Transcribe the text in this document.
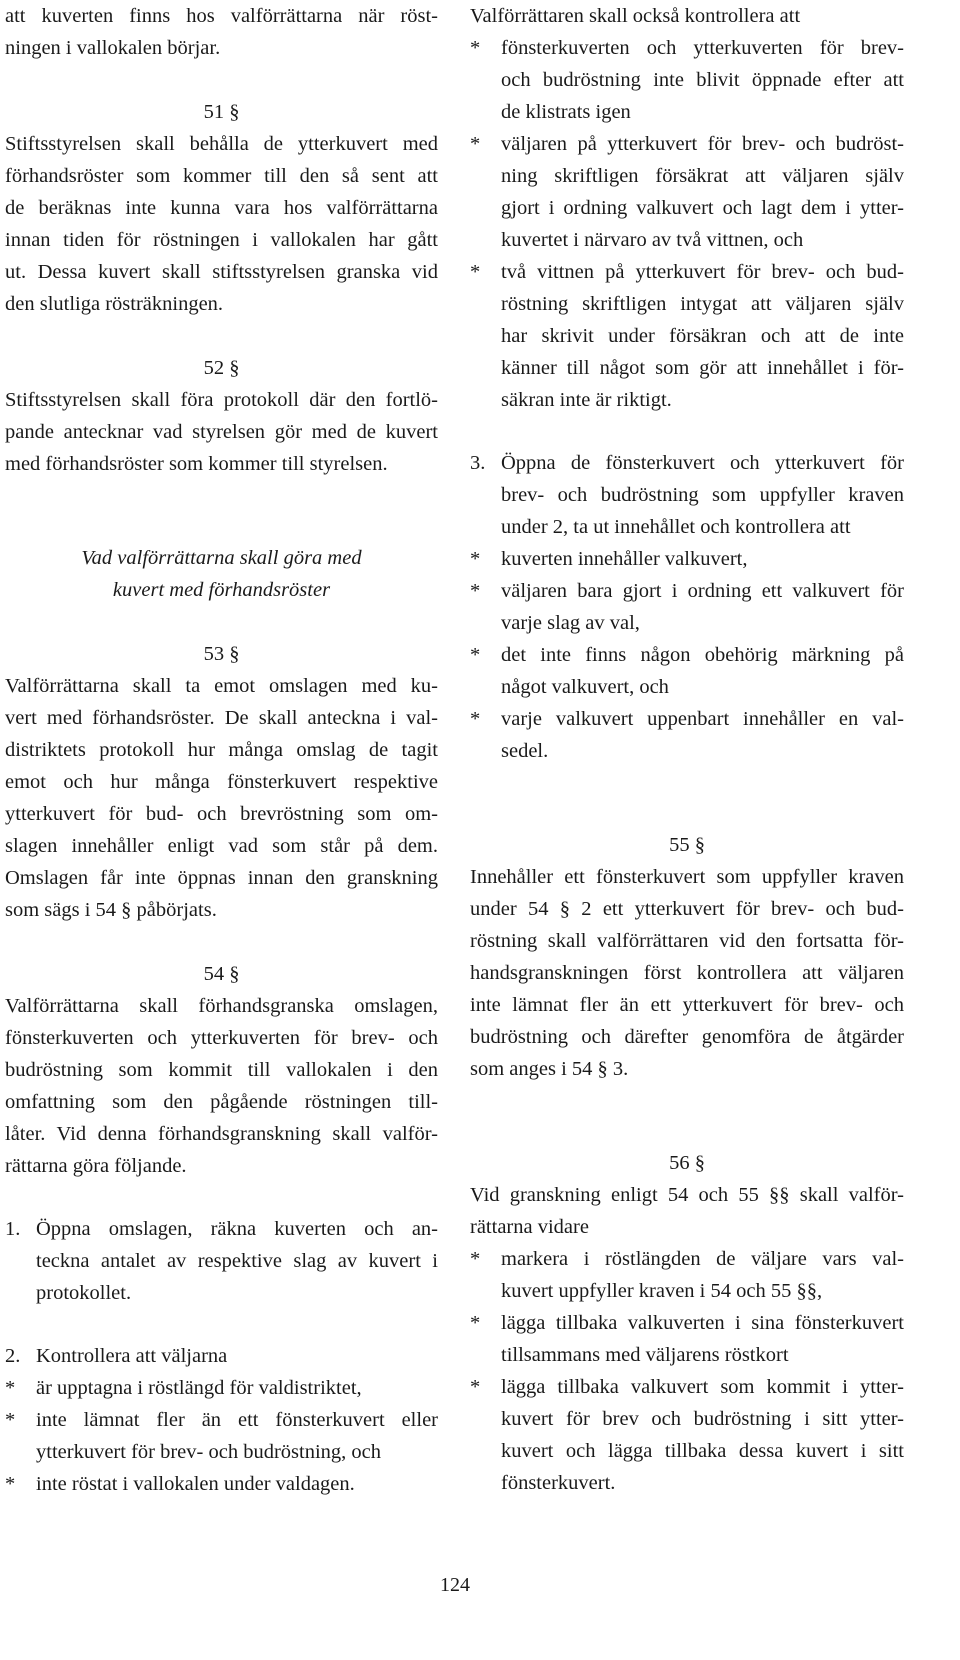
att kuverten finns hos valförrättarna när röst-

ningen i vallokalen börjar.

51 §

Stiftsstyrelsen skall behålla de ytterkuvert med

förhandsröster som kommer till den så sent att

de beräknas inte kunna vara hos valförrättarna

innan tiden för röstningen i vallokalen har gått

ut. Dessa kuvert skall stiftsstyrelsen granska vid

den slutliga rösträkningen.

52 §

Stiftsstyrelsen skall föra protokoll där den fortlö-

pande antecknar vad styrelsen gör med de kuvert

med förhandsröster som kommer till styrelsen.

Vad valförrättarna skall göra med

kuvert med förhandsröster

53 §

Valförrättarna skall ta emot omslagen med ku-

vert med förhandsröster. De skall anteckna i val-

distriktets protokoll hur många omslag de tagit

emot och hur många fönsterkuvert respektive

ytterkuvert för bud- och brevröstning som om-

slagen innehåller enligt vad som står på dem.

Omslagen får inte öppnas innan den granskning

som sägs i 54 § påbörjats.

54 §

Valförrättarna skall förhandsgranska omslagen,

fönsterkuverten och ytterkuverten för brev- och

budröstning som kommit till vallokalen i den

omfattning som den pågående röstningen till-

låter. Vid denna förhandsgranskning skall valför-

rättarna göra följande.

1. Öppna omslagen, räkna kuverten och an-

teckna antalet av respektive slag av kuvert i

protokollet.

2. Kontrollera att väljarna

* är upptagna i röstlängd för valdistriktet,

* inte lämnat fler än ett fönsterkuvert eller

ytterkuvert för brev- och budröstning, och

* inte röstat i vallokalen under valdagen.

Valförrättaren skall också kontrollera att

* fönsterkuverten och ytterkuverten för brev-

och budröstning inte blivit öppnade efter att

de klistrats igen

* väljaren på ytterkuvert för brev- och budröst-

ning skriftligen försäkrat att väljaren själv

gjort i ordning valkuvert och lagt dem i ytter-

kuvertet i närvaro av två vittnen, och

* två vittnen på ytterkuvert för brev- och bud-

röstning skriftligen intygat att väljaren själv

har skrivit under försäkran och att de inte

känner till något som gör att innehållet i för-

säkran inte är riktigt.

3. Öppna de fönsterkuvert och ytterkuvert för

brev- och budröstning som uppfyller kraven

under 2, ta ut innehållet och kontrollera att

* kuverten innehåller valkuvert,

* väljaren bara gjort i ordning ett valkuvert för

varje slag av val,

* det inte finns någon obehörig märkning på

något valkuvert, och

* varje valkuvert uppenbart innehåller en val-

sedel.

55 §

Innehåller ett fönsterkuvert som uppfyller kraven

under 54 § 2 ett ytterkuvert för brev- och bud-

röstning skall valförrättaren vid den fortsatta för-

handsgranskningen först kontrollera att väljaren

inte lämnat fler än ett ytterkuvert för brev- och

budröstning och därefter genomföra de åtgärder

som anges i 54 § 3.

56 §

Vid granskning enligt 54 och 55 §§ skall valför-

rättarna vidare

* markera i röstlängden de väljare vars val-

kuvert uppfyller kraven i 54 och 55 §§,

* lägga tillbaka valkuverten i sina fönsterkuvert

tillsammans med väljarens röstkort

* lägga tillbaka valkuvert som kommit i ytter-

kuvert för brev och budröstning i sitt ytter-

kuvert och lägga tillbaka dessa kuvert i sitt

fönsterkuvert.

124
